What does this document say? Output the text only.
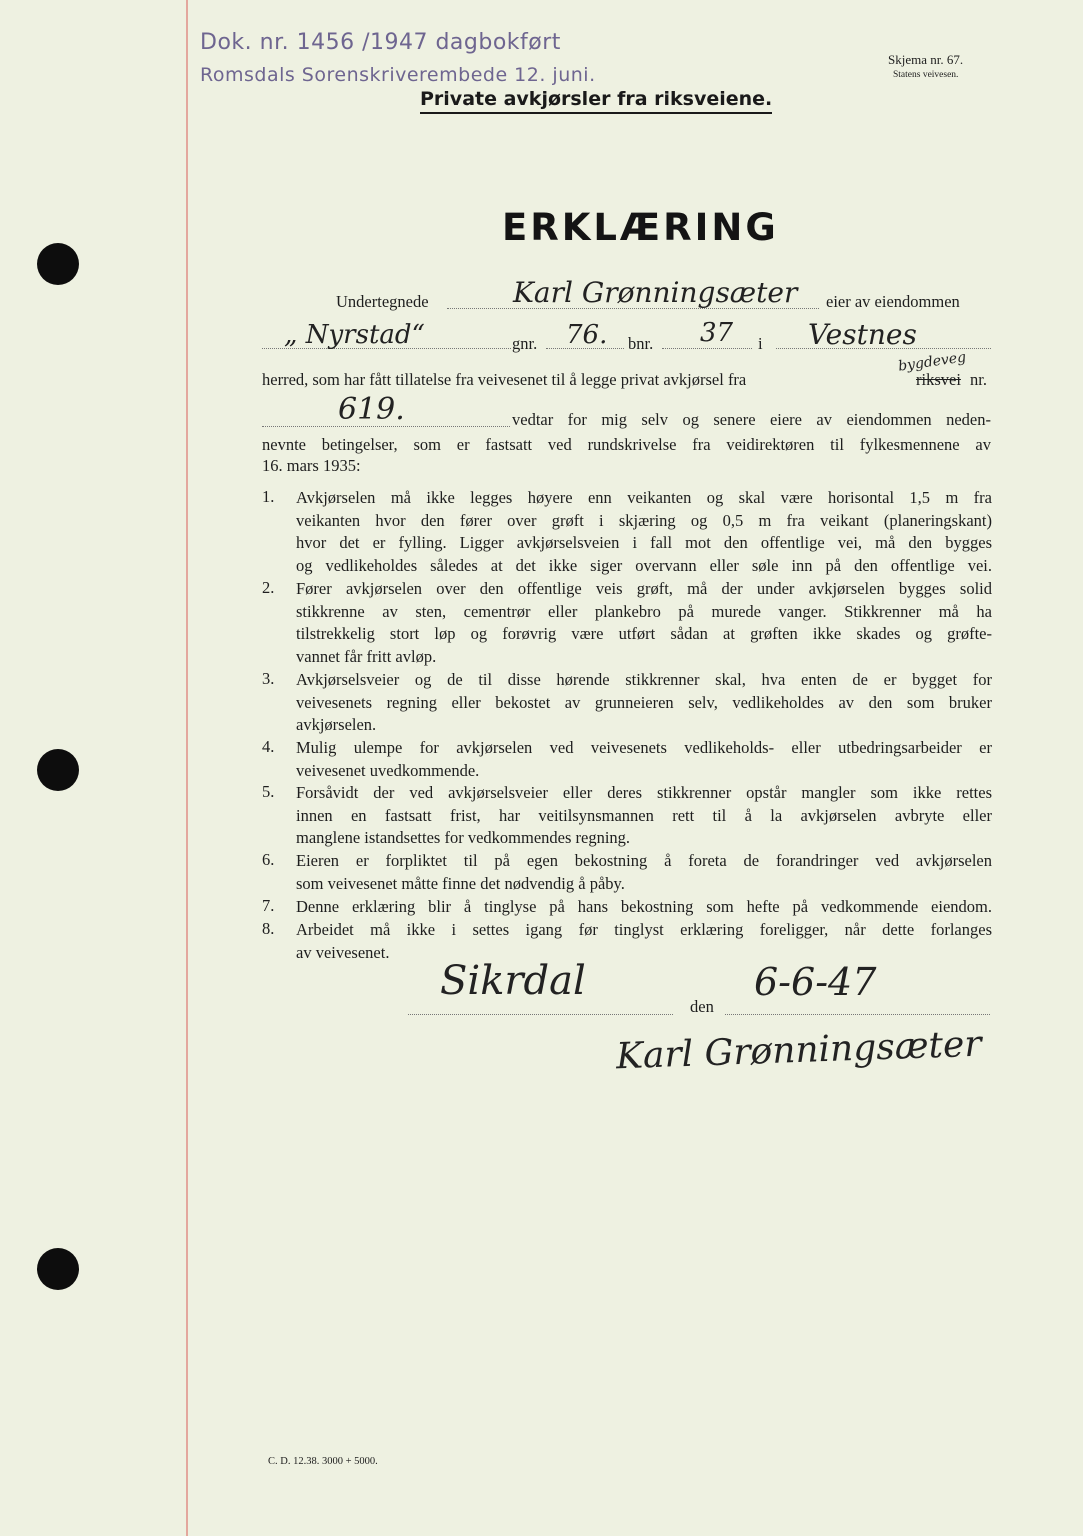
Dok. nr. 1456 /1947 dagbokført
Romsdals Sorenskriverembede 12. juni.
Skjema nr. 67.
Statens veivesen.
Private avkjørsler fra riksveiene.
ERKLÆRING
Undertegnede	Karl Grønningsæter eier av eiendommen
„ Nyrstad“	gnr. 76. bnr. 37 i Vestnes
herred, som har fått tillatelse fra veivesenet til å legge privat avkjørsel fra
bygdeveg
riksvei nr.
619.	vedtar for mig selv og senere eiere av eiendommen neden-
nevnte betingelser, som er fastsatt ved rundskrivelse fra veidirektøren til fylkesmennene av
16. mars 1935:
1. Avkjørselen må ikke legges høyere enn veikanten og skal være horisontal 1,5 m fra
veikanten hvor den fører over grøft i skjæring og 0,5 m fra veikant (planeringskant)
hvor det er fylling. Ligger avkjørselsveien i fall mot den offentlige vei, må den bygges
og vedlikeholdes således at det ikke siger overvann eller søle inn på den offentlige vei.
2. Fører avkjørselen over den offentlige veis grøft, må der under avkjørselen bygges solid
stikkrenne av sten, cementrør eller plankebro på murede vanger. Stikkrenner må ha
tilstrekkelig stort løp og forøvrig være utført sådan at grøften ikke skades og grøfte-
vannet får fritt avløp.
3. Avkjørselsveier og de til disse hørende stikkrenner skal, hva enten de er bygget for
veivesenets regning eller bekostet av grunneieren selv, vedlikeholdes av den som bruker
avkjørselen.
4. Mulig ulempe for avkjørselen ved veivesenets vedlikeholds- eller utbedringsarbeider er
veivesenet uvedkommende.
5. Forsåvidt der ved avkjørselsveier eller deres stikkrenner opstår mangler som ikke rettes
innen en fastsatt frist, har veitilsynsmannen rett til å la avkjørselen avbryte eller
manglene istandsettes for vedkommendes regning.
6. Eieren er forpliktet til på egen bekostning å foreta de forandringer ved avkjørselen
som veivesenet måtte finne det nødvendig å påby.
7. Denne erklæring blir å tinglyse på hans bekostning som hefte på vedkommende eiendom.
8. Arbeidet må ikke i settes igang før tinglyst erklæring foreligger, når dette forlanges
av veivesenet.
Sikrdal
den
6-6-47
Karl Grønningsæter
C. D. 12.38. 3000 + 5000.
